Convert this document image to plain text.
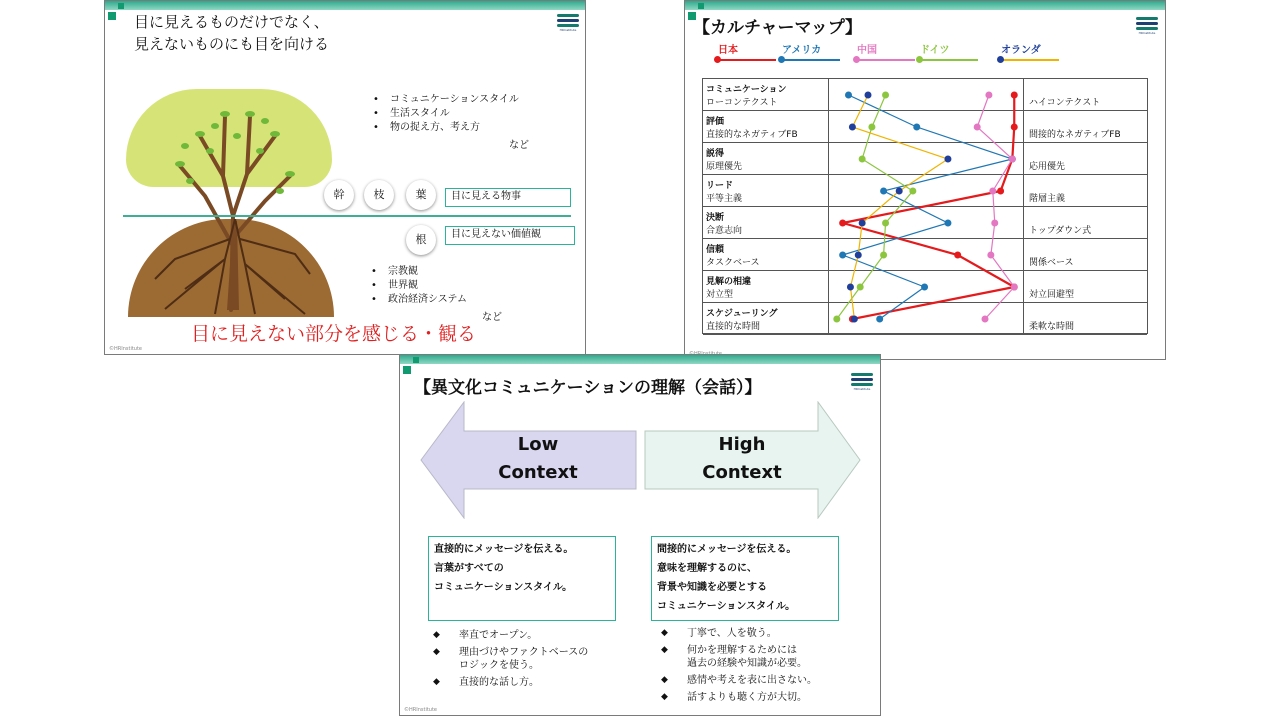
HRInstitute
目に見えるものだけでなく、
見えないものにも目を向ける
幹	枝	葉
根
目に見える物事
目に見えない価値観
• コミュニケーションスタイル
• 生活スタイル
• 物の捉え方、考え方
など
• 宗教観
• 世界観
• 政治経済システム
など
目に見えない部分を感じる・観る
©HRInstitute
HRInstitute
【カルチャーマップ】
日本	アメリカ	中国	ドイツ	オランダ
コミュニケーション
ローコンテクスト	ハイコンテクスト
評価
直接的なネガティブFB	間接的なネガティブFB
説得
原理優先	応用優先
リード
平等主義	階層主義
決断
合意志向	トップダウン式
信頼
タスクベース	関係ベース
見解の相違
対立型	対立回避型
スケジューリング
直接的な時間	柔軟な時間
HRInstitute
【異文化コミュニケーションの理解（会話）】
Low
Context
High
Context
直接的にメッセージを伝える。
言葉がすべての
コミュニケーションスタイル。
間接的にメッセージを伝える。
意味を理解するのに、
背景や知識を必要とする
コミュニケーションスタイル。
◆ 率直でオープン。
◆ 理由づけやファクトベースの
ロジックを使う。
◆ 直接的な話し方。
◆ 丁寧で、人を敬う。
◆ 何かを理解するためには
過去の経験や知識が必要。
◆ 感情や考えを表に出さない。
◆ 話すよりも聴く方が大切。
©HRInstitute
